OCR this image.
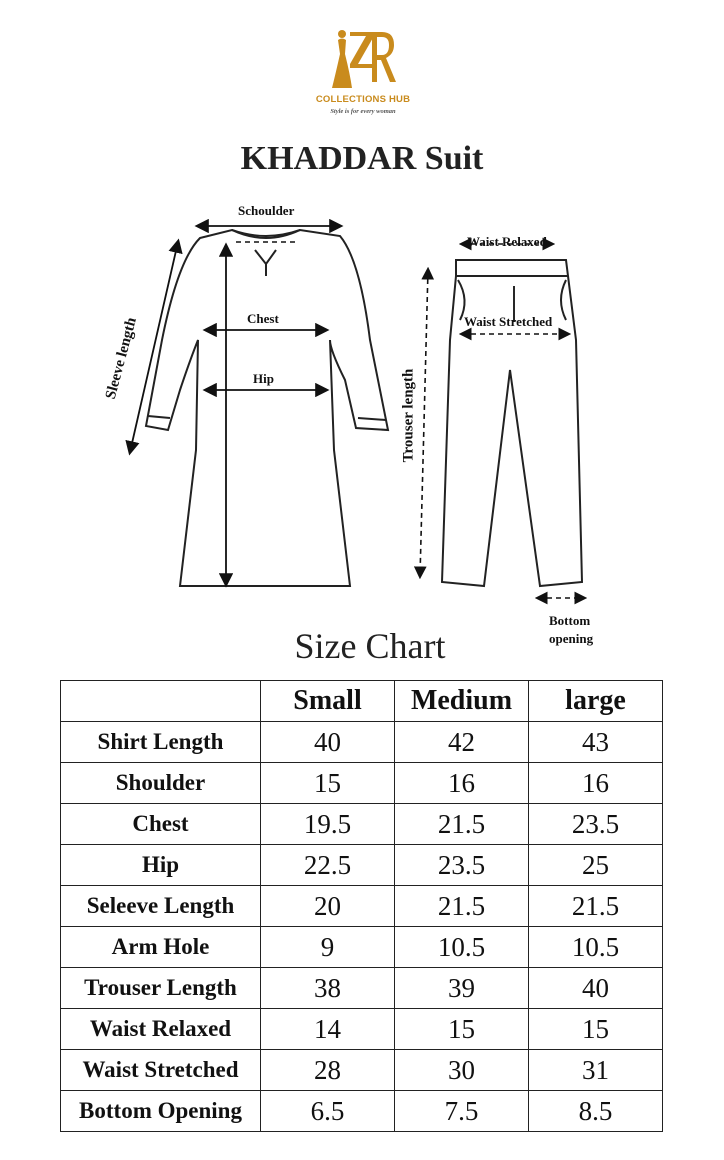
COLLECTIONS HUB
Style is for every woman
KHADDAR Suit
Schoulder
Chest
Hip
Sleeve length
Waist Relaxed
Waist Stretched
Trouser length
Bottom
opening
Size Chart
	Small	Medium	large
Shirt Length	40	42	43
Shoulder	15	16	16
Chest	19.5	21.5	23.5
Hip	22.5	23.5	25
Seleeve Length	20	21.5	21.5
Arm Hole	9	10.5	10.5
Trouser Length	38	39	40
Waist Relaxed	14	15	15
Waist Stretched	28	30	31
Bottom Opening	6.5	7.5	8.5
